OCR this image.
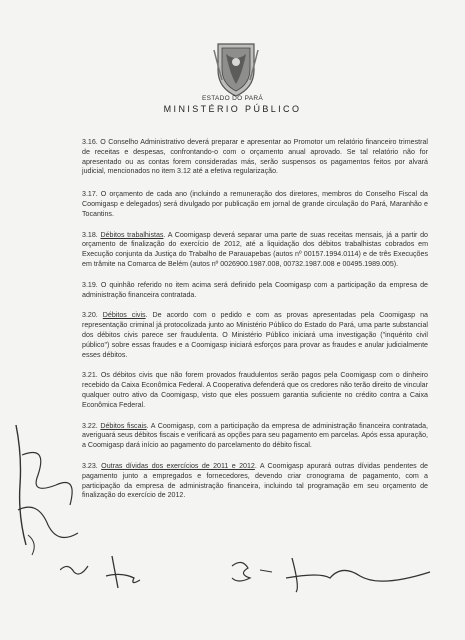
ESTADO DO PARÁ
MINISTÉRIO PÚBLICO

3.16. O Conselho Administrativo deverá preparar e apresentar ao Promotor um relatório financeiro trimestral de receitas e despesas, confrontando-o com o orçamento anual aprovado. Se tal relatório não for apresentado ou as contas forem consideradas más, serão suspensos os pagamentos feitos por alvará judicial, mencionados no item 3.12 até a efetiva regularização.

3.17. O orçamento de cada ano (incluindo a remuneração dos diretores, membros do Conselho Fiscal da Coomigasp e delegados) será divulgado por publicação em jornal de grande circulação do Pará, Maranhão e Tocantins.

3.18. Débitos trabalhistas. A Coomigasp deverá separar uma parte de suas receitas mensais, já a partir do orçamento de finalização do exercício de 2012, até a liquidação dos débitos trabalhistas cobrados em Execução conjunta da Justiça do Trabalho de Parauapebas (autos nº 00157.1994.0114) e de três Execuções em trâmite na Comarca de Belém (autos nº 0026900.1987.008, 00732.1987.008 e 00495.1989.005).

3.19. O quinhão referido no item acima será definido pela Coomigasp com a participação da empresa de administração financeira contratada.

3.20. Débitos civis. De acordo com o pedido e com as provas apresentadas pela Coomigasp na representação criminal já protocolizada junto ao Ministério Público do Estado do Pará, uma parte substancial dos débitos civis parece ser fraudulenta. O Ministério Público iniciará uma investigação ("inquérito civil público") sobre essas fraudes e a Coomigasp iniciará esforços para provar as fraudes e anular judicialmente esses débitos.

3.21. Os débitos civis que não forem provados fraudulentos serão pagos pela Coomigasp com o dinheiro recebido da Caixa Econômica Federal. A Cooperativa defenderá que os credores não terão direito de vincular qualquer outro ativo da Coomigasp, visto que eles possuem garantia suficiente no crédito contra a Caixa Econômica Federal.

3.22. Débitos fiscais. A Coomigasp, com a participação da empresa de administração financeira contratada, averiguará seus débitos fiscais e verificará as opções para seu pagamento em parcelas. Após essa apuração, a Coomigasp dará início ao pagamento do parcelamento do débito fiscal.

3.23. Outras dívidas dos exercícios de 2011 e 2012. A Coomigasp apurará outras dívidas pendentes de pagamento junto a empregados e fornecedores, devendo criar cronograma de pagamento, com a participação da empresa de administração financeira, incluindo tal programação em seu orçamento de finalização do exercício de 2012.
